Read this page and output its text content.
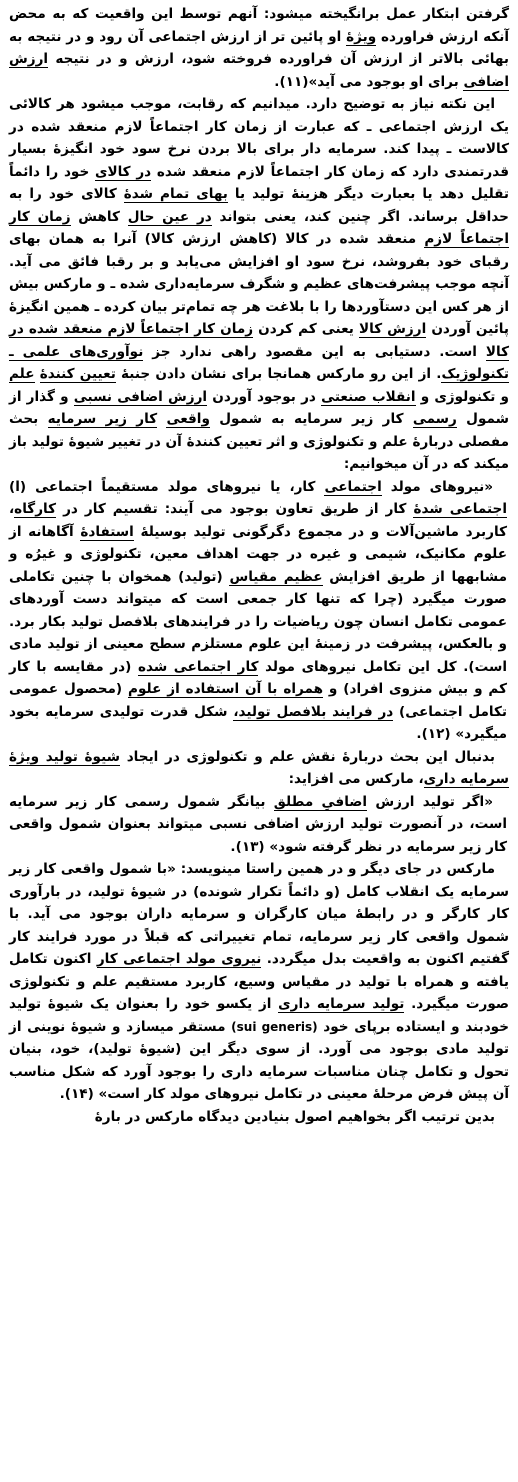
گرفتن ابتکار عمل برانگیخته میشود: آنهم توسط این واقعیت که به محض آنکه ارزش فراورده ویژۀ او پائین تر از ارزش اجتماعی آن رود و در نتیجه به بهائی بالاتر از ارزش آن فراورده فروخته شود، ارزش و در نتیجه ارزش اضافی برای او بوجود می آید»(۱۱).

این نکته نیاز به توضیح دارد. میدانیم که رقابت، موجب میشود هر کالائی یک ارزش اجتماعی ـ که عبارت از زمان کار اجتماعاً لازم منعقد شده در کالاست ـ پیدا کند. سرمایه دار برای بالا بردن نرخ سود خود انگیزۀ بسیار قدرتمندی دارد که زمان کار اجتماعاً لازم منعقد شده در کالای خود را دائماً تقلیل دهد یا بعبارت دیگر هزینۀ تولید یا بهای تمام شدۀ کالای خود را به حداقل برساند. اگر چنین کند، یعنی بتواند در عین حال کاهش زمان کار اجتماعاً لازم منعقد شده در کالا (کاهش ارزش کالا) آنرا به همان بهای رقبای خود بفروشد، نرخ سود او افزایش می‌یابد و بر رقبا فائق می آید. آنچه موجب پیشرفت‌های عظیم و شگرف سرمایه‌داری شده ـ و مارکس بیش از هر کس این دستآوردها را با بلاغت هر چه تمام‌تر بیان کرده ـ همین انگیزۀ پائین آوردن ارزش کالا یعنی کم کردن زمان کار اجتماعاً لازم منعقد شده در کالا است. دستیابی به این مقصود راهی ندارد جز نوآوری‌های علمی ـ تکنولوژیک. از این رو مارکس همانجا برای نشان دادن جنبۀ تعیین کنندۀ علم و تکنولوژی و انقلاب صنعتی در بوجود آوردن ارزش اضافی نسبی و گذار از شمول رسمی کار زیر سرمایه به شمول واقعی کار زیر سرمایه بحث مفصلی دربارۀ علم و تکنولوژی و اثر تعیین کنندۀ آن در تغییر شیوۀ تولید باز میکند که در آن میخوانیم:

«نیروهای مولد اجتماعی کار، یا نیروهای مولد مستقیماً اجتماعی (ا) اجتماعی شدۀ کار از طریق تعاون بوجود می آیند: تقسیم کار در کارگاه، کاربرد ماشین‌آلات و در مجموع دگرگونی تولید بوسیلۀ استفادۀ آگاهانه از علوم مکانیک، شیمی و غیره در جهت اهداف معین، تکنولوژی و غیرُه و مشابهها از طریق افزایش عظیم مقیاس (تولید) همخوان با چنین تکاملی صورت میگیرد (چرا که تنها کار جمعی است که میتواند دست آوردهای عمومی تکامل انسان چون ریاضیات را در فرایندهای بلافصل تولید بکار برد. و بالعکس، پیشرفت در زمینۀ این علوم مستلزم سطح معینی از تولید مادی است). کل این تکامل نیروهای مولد کار اجتماعی شده (در مقایسه با کار کم و بیش منزوی افراد) و همراه با آن استفاده از علوم (محصول عمومی تکامل اجتماعی) در فرایند بلافصل تولید، شکل قدرت تولیدی سرمایه بخود میگیرد» (۱۲).

بدنبال این بحث دربارۀ نقش علم و تکنولوژی در ایجاد شیوۀ تولید ویژۀ سرمایه داری، مارکس می افزاید:

«اگر تولید ارزش اضافیِ مطلق بیانگر شمول رسمی کار زیر سرمایه است، در آنصورت تولید ارزش اضافی نسبی میتواند بعنوان شمول واقعی کار زیر سرمایه در نظر گرفته شود» (۱۳).

مارکس در جای دیگر و در همین راستا مینویسد: «با شمول واقعی کار زیر سرمایه یک انقلاب کامل (و دائماً تکرار شونده) در شیوۀ تولید، در بارآوری کار کارگر و در رابطۀ میان کارگران و سرمایه داران بوجود می آید. با شمول واقعی کار زیر سرمایه، تمام تغییراتی که قبلاً در مورد فرایند کار گفتیم اکنون به واقعیت بدل میگردد. نیروی مولد اجتماعی کار اکنون تکامل یافته و همراه با تولید در مقیاس وسیع، کاربرد مستقیم علم و تکنولوژی صورت میگیرد. تولید سرمایه داری از یکسو خود را بعنوان یک شیوۀ تولید خودبند و ایستاده برپای خود (sui generis) مستقر میسازد و شیوۀ نوینی از تولید مادی بوجود می آورد. از سوی دیگر این (شیوۀ تولید)، خود، بنیان تحول و تکامل چنان مناسبات سرمایه داری را بوجود آورد که شکل مناسب آن پیش فرض مرحلۀ معینی در تکامل نیروهای مولد کار است» (۱۴).

بدین ترتیب اگر بخواهیم اصول بنیادین دیدگاه مارکس در بارۀ
